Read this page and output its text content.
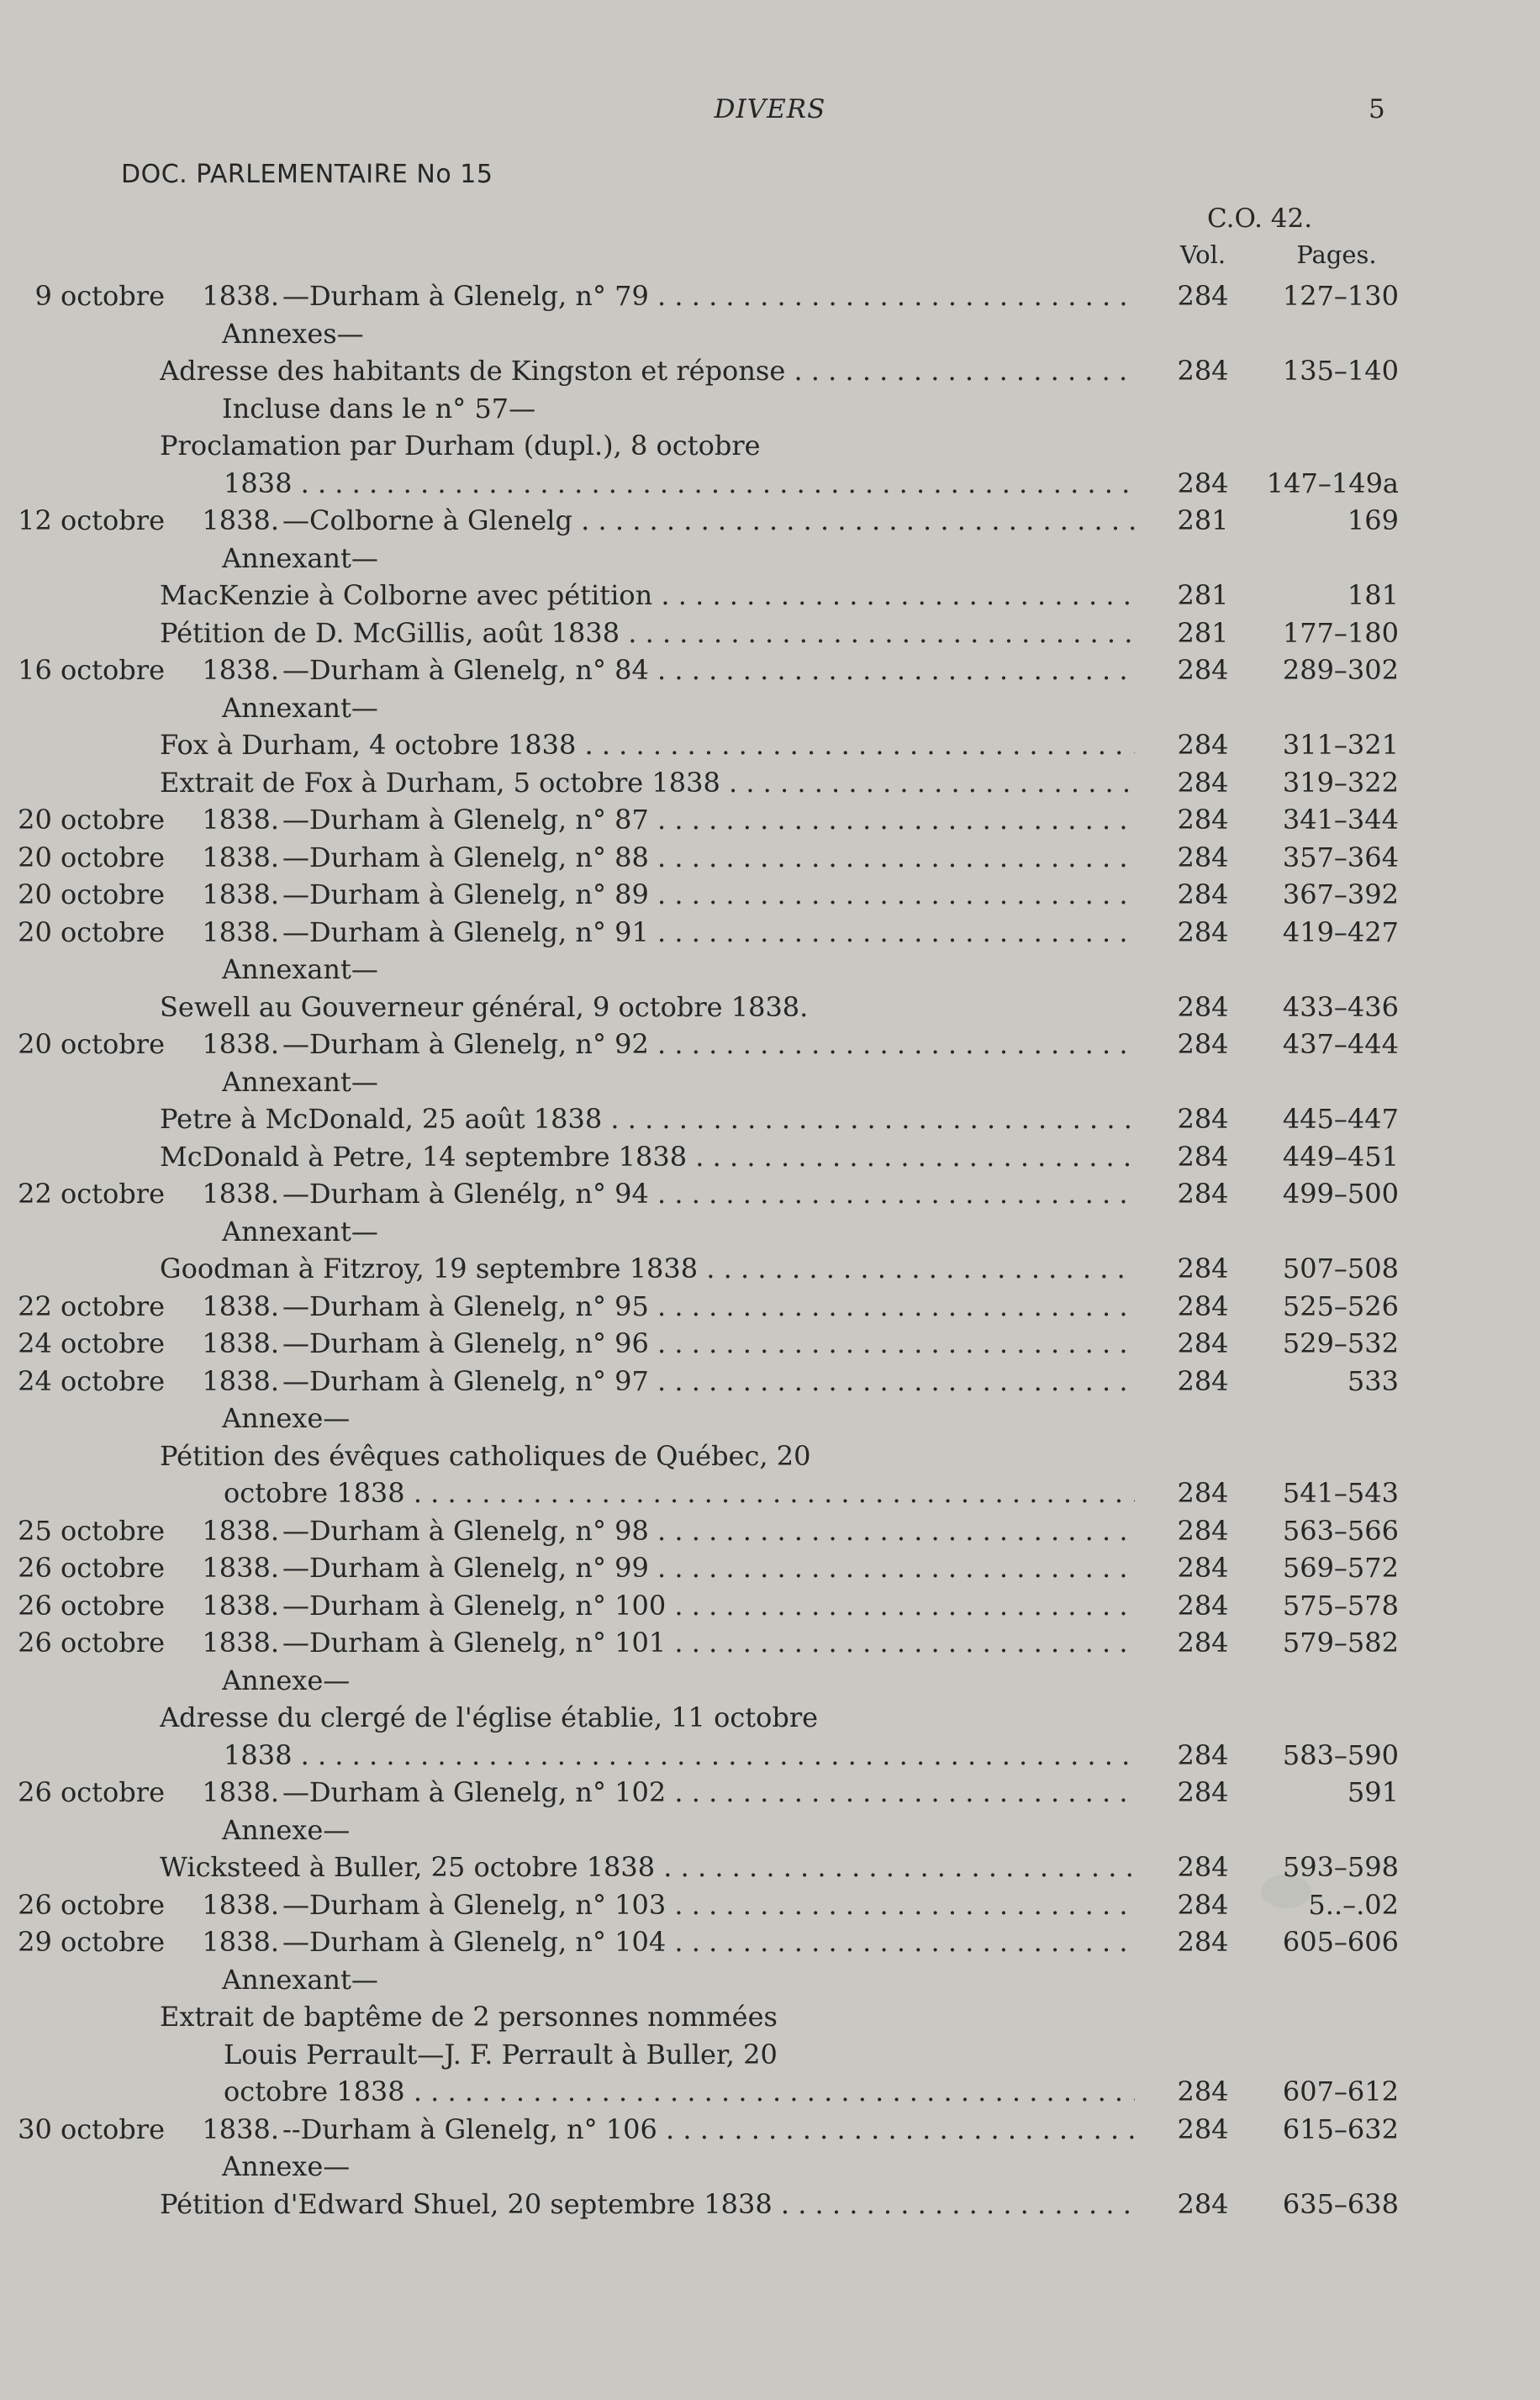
DIVERS	5
DOC. PARLEMENTAIRE No 15
C.O. 42.
Vol.	Pages.
9 octobre	1838. —Durham à Glenelg, n° 79 . . .	284	127–130
Annexes—
Adresse des habitants de Kingston et réponse . . .	284	135–140
Incluse dans le n° 57—
Proclamation par Durham (dupl.), 8 octobre
1838 . . .	284	147–149a
12 octobre	1838. —Colborne à Glenelg . . .	281	169
Annexant—
MacKenzie à Colborne avec pétition . . .	281	181
Pétition de D. McGillis, août 1838 . . .	281	177–180
16 octobre	1838. —Durham à Glenelg, n° 84 . . .	284	289–302
Annexant—
Fox à Durham, 4 octobre 1838 . . .	284	311–321
Extrait de Fox à Durham, 5 octobre 1838 . . .	284	319–322
20 octobre	1838. —Durham à Glenelg, n° 87 . . .	284	341–344
20 octobre	1838. —Durham à Glenelg, n° 88 . . .	284	357–364
20 octobre	1838. —Durham à Glenelg, n° 89 . . .	284	367–392
20 octobre	1838. —Durham à Glenelg, n° 91 . . .	284	419–427
Annexant—
Sewell au Gouverneur général, 9 octobre 1838.	284	433–436
20 octobre	1838. —Durham à Glenelg, n° 92 . . .	284	437–444
Annexant—
Petre à McDonald, 25 août 1838 . . .	284	445–447
McDonald à Petre, 14 septembre 1838 . . .	284	449–451
22 octobre	1838. —Durham à Glenélg, n° 94 . . .	284	499–500
Annexant—
Goodman à Fitzroy, 19 septembre 1838 . . .	284	507–508
22 octobre	1838. —Durham à Glenelg, n° 95 . . .	284	525–526
24 octobre	1838. —Durham à Glenelg, n° 96 . . .	284	529–532
24 octobre	1838. —Durham à Glenelg, n° 97 . . .	284	533
Annexe—
Pétition des évêques catholiques de Québec, 20
octobre 1838 . . .	284	541–543
25 octobre	1838. —Durham à Glenelg, n° 98 . . .	284	563–566
26 octobre	1838. —Durham à Glenelg, n° 99 . . .	284	569–572
26 octobre	1838. —Durham à Glenelg, n° 100 . . .	284	575–578
26 octobre	1838. —Durham à Glenelg, n° 101 . . .	284	579–582
Annexe—
Adresse du clergé de l'église établie, 11 octobre
1838 . . .	284	583–590
26 octobre	1838. —Durham à Glenelg, n° 102 . . .	284	591
Annexe—
Wicksteed à Buller, 25 octobre 1838 . . .	284	593–598
26 octobre	1838. —Durham à Glenelg, n° 103 . . .	284	5..–.02
29 octobre	1838. —Durham à Glenelg, n° 104 . . .	284	605–606
Annexant—
Extrait de baptême de 2 personnes nommées
Louis Perrault—J. F. Perrault à Buller, 20
octobre 1838 . . .	284	607–612
30 octobre	1838. --Durham à Glenelg, n° 106 . . .	284	615–632
Annexe—
Pétition d'Edward Shuel, 20 septembre 1838 . . .	284	635–638
